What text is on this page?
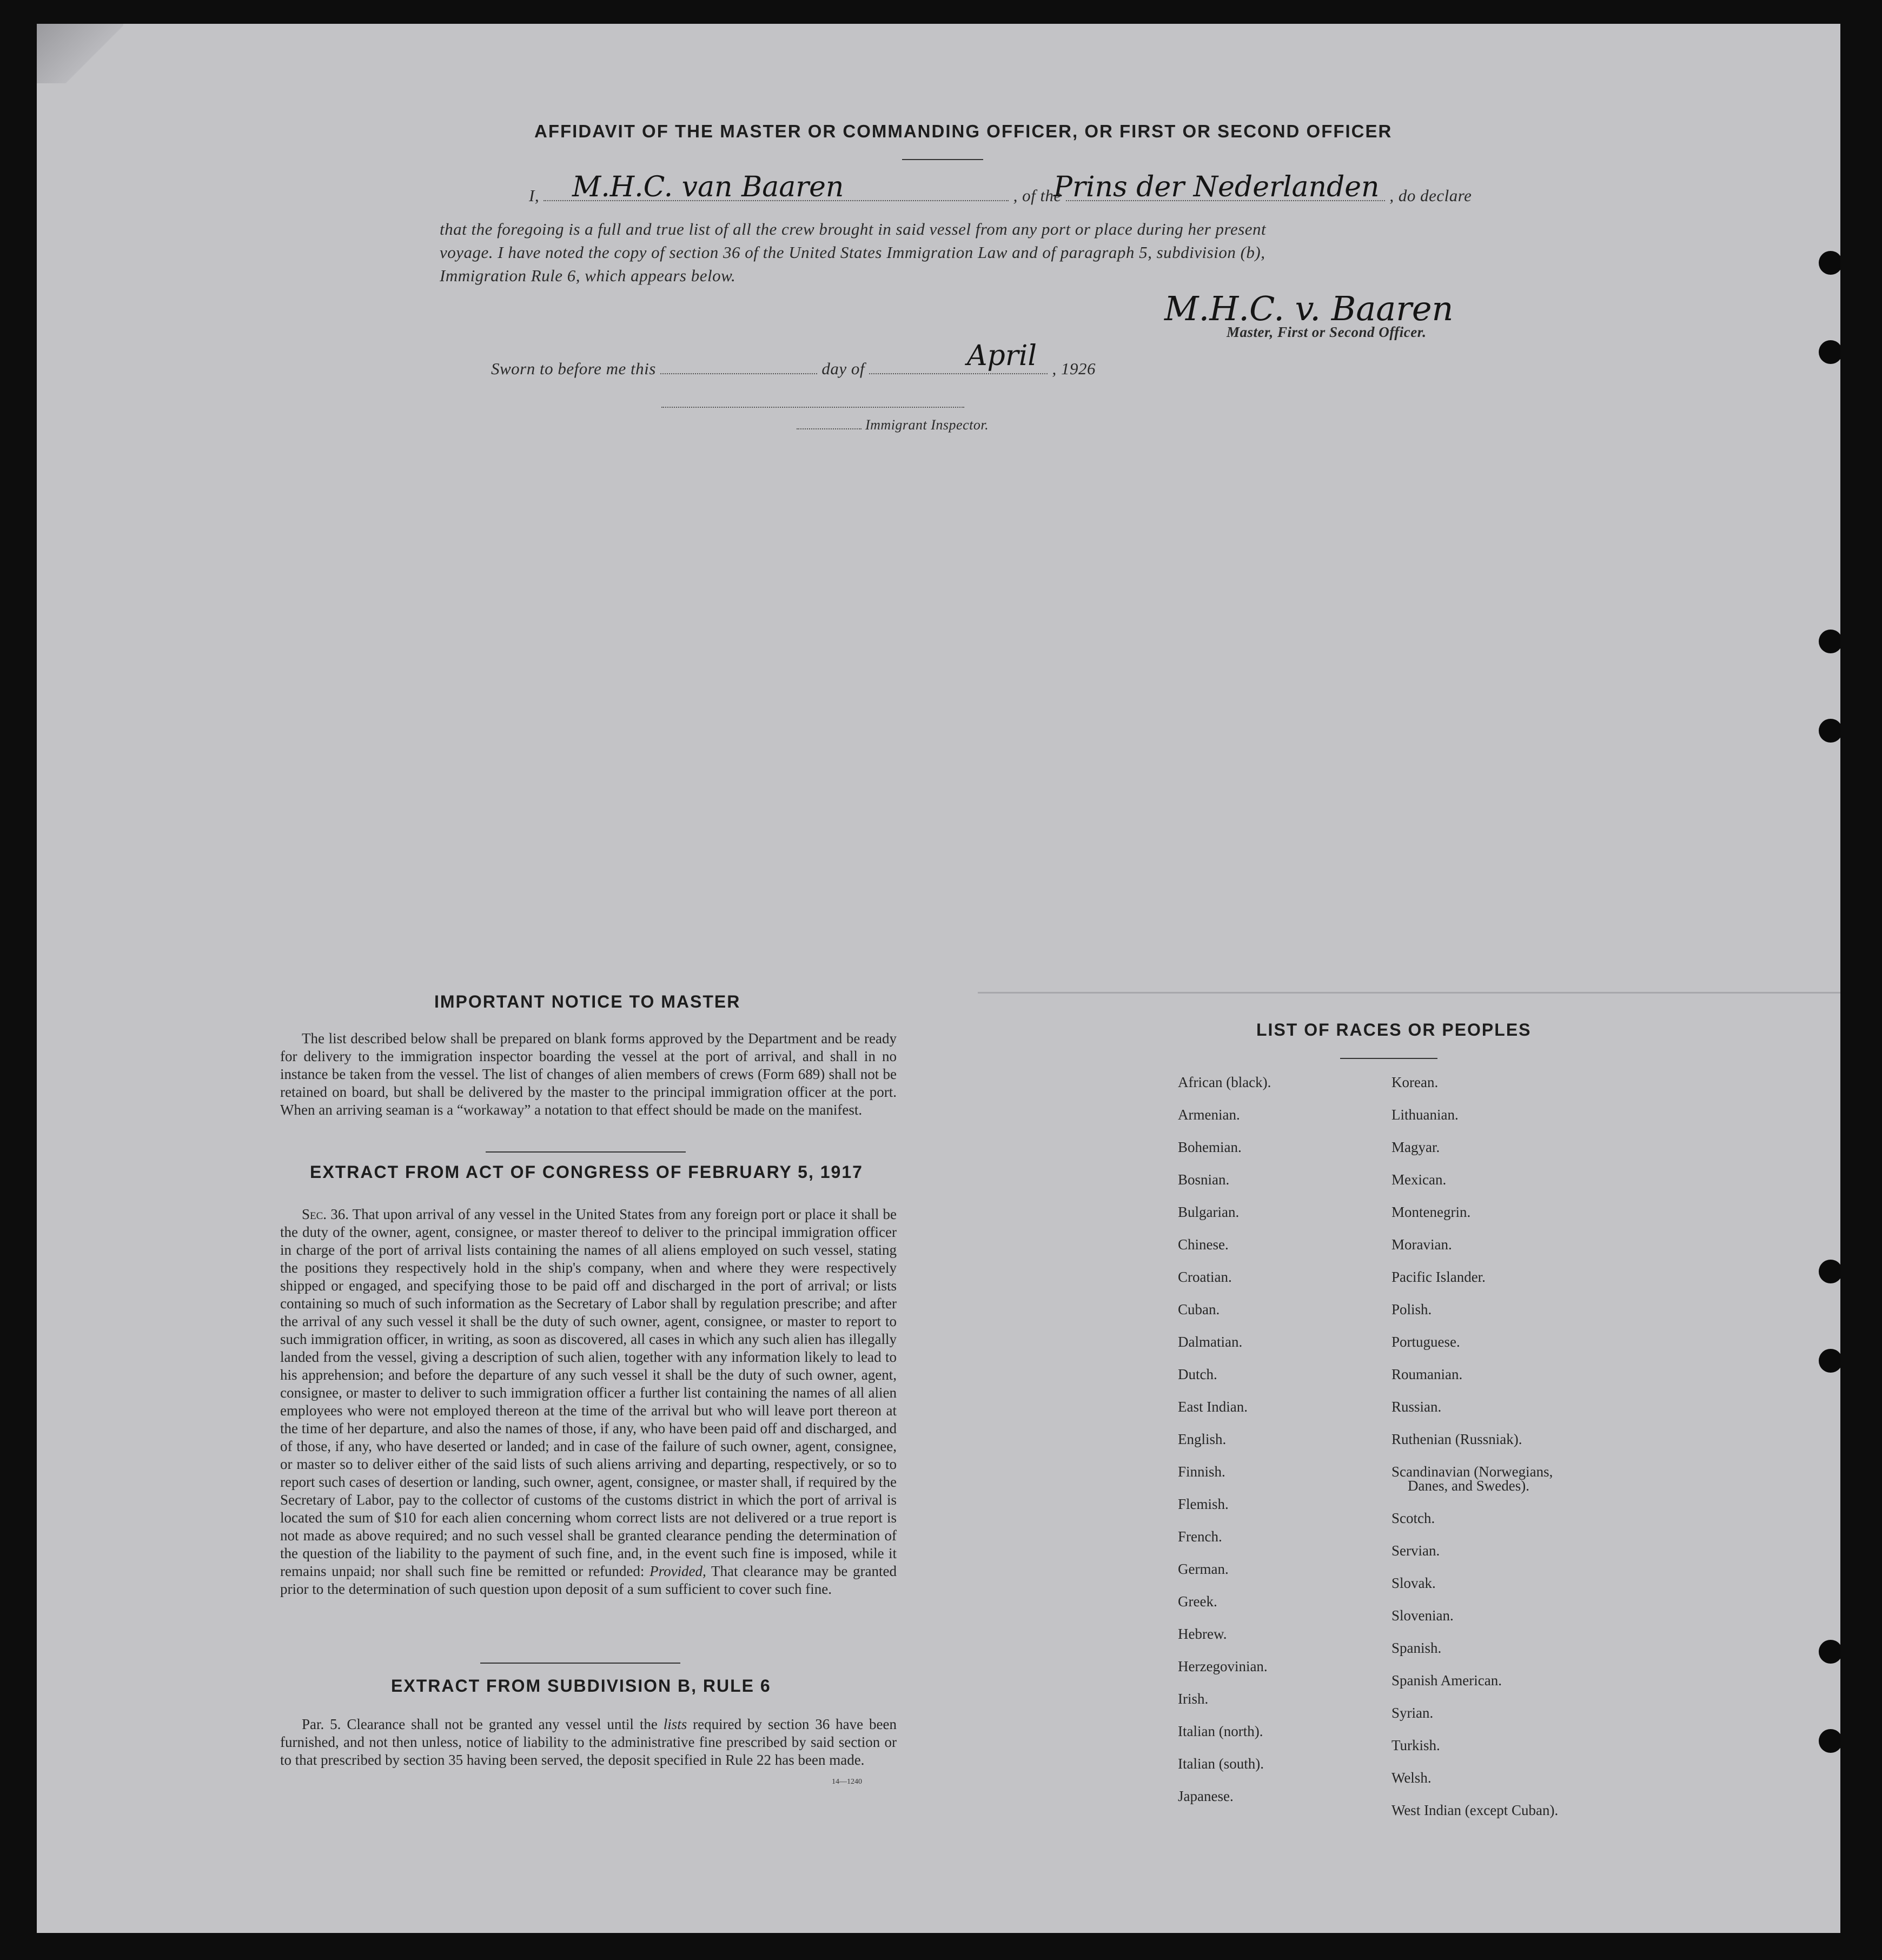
AFFIDAVIT OF THE MASTER OR COMMANDING OFFICER, OR FIRST OR SECOND OFFICER
I,	, of the	, do declare
M.H.C. van Baaren	Prins der Nederlanden
that the foregoing is a full and true list of all the crew brought in said vessel from any port or place during her present
voyage. I have noted the copy of section 36 of the United States Immigration Law and of paragraph 5, subdivision (b),
Immigration Rule 6, which appears below.
M.H.C. v. Baaren
Master, First or Second Officer.
Sworn to before me this	day of	, 1926
April
Immigrant Inspector.
IMPORTANT NOTICE TO MASTER
The list described below shall be prepared on blank forms approved by the Department and be ready for delivery to the immigration inspector boarding the vessel at the port of arrival, and shall in no instance be taken from the vessel. The list of changes of alien members of crews (Form 689) shall not be retained on board, but shall be delivered by the master to the principal immigration officer at the port. When an arriving seaman is a “workaway” a notation to that effect should be made on the manifest.
EXTRACT FROM ACT OF CONGRESS OF FEBRUARY 5, 1917
Sec. 36. That upon arrival of any vessel in the United States from any foreign port or place it shall be the duty of the owner, agent, consignee, or master thereof to deliver to the principal immigration officer in charge of the port of arrival lists containing the names of all aliens employed on such vessel, stating the positions they respectively hold in the ship's company, when and where they were respectively shipped or engaged, and specifying those to be paid off and discharged in the port of arrival; or lists containing so much of such information as the Secretary of Labor shall by regulation prescribe; and after the arrival of any such vessel it shall be the duty of such owner, agent, consignee, or master to report to such immigration officer, in writing, as soon as discovered, all cases in which any such alien has illegally landed from the vessel, giving a description of such alien, together with any information likely to lead to his apprehension; and before the departure of any such vessel it shall be the duty of such owner, agent, consignee, or master to deliver to such immigration officer a further list containing the names of all alien employees who were not employed thereon at the time of the arrival but who will leave port thereon at the time of her departure, and also the names of those, if any, who have been paid off and discharged, and of those, if any, who have deserted or landed; and in case of the failure of such owner, agent, consignee, or master so to deliver either of the said lists of such aliens arriving and departing, respectively, or so to report such cases of desertion or landing, such owner, agent, consignee, or master shall, if required by the Secretary of Labor, pay to the collector of customs of the customs district in which the port of arrival is located the sum of $10 for each alien concerning whom correct lists are not delivered or a true report is not made as above required; and no such vessel shall be granted clearance pending the determination of the question of the liability to the payment of such fine, and, in the event such fine is imposed, while it remains unpaid; nor shall such fine be remitted or refunded: Provided, That clearance may be granted prior to the determination of such question upon deposit of a sum sufficient to cover such fine.
EXTRACT FROM SUBDIVISION B, RULE 6
Par. 5. Clearance shall not be granted any vessel until the lists required by section 36 have been furnished, and not then unless, notice of liability to the administrative fine prescribed by said section or to that prescribed by section 35 having been served, the deposit specified in Rule 22 has been made.
14—1240
LIST OF RACES OR PEOPLES
African (black).
Armenian.
Bohemian.
Bosnian.
Bulgarian.
Chinese.
Croatian.
Cuban.
Dalmatian.
Dutch.
East Indian.
English.
Finnish.
Flemish.
French.
German.
Greek.
Hebrew.
Herzegovinian.
Irish.
Italian (north).
Italian (south).
Japanese.
Korean.
Lithuanian.
Magyar.
Mexican.
Montenegrin.
Moravian.
Pacific Islander.
Polish.
Portuguese.
Roumanian.
Russian.
Ruthenian (Russniak).
Scandinavian (Norwegians,
Danes, and Swedes).
Scotch.
Servian.
Slovak.
Slovenian.
Spanish.
Spanish American.
Syrian.
Turkish.
Welsh.
West Indian (except Cuban).
